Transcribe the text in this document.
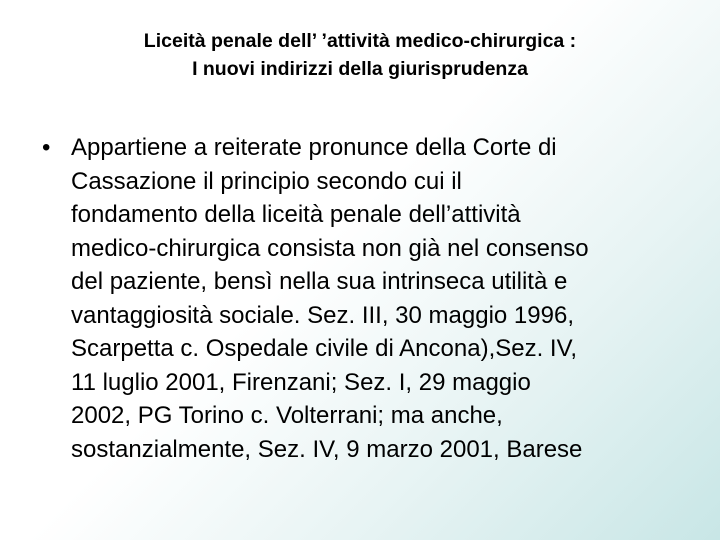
Liceità penale dell’ ’attività medico-chirurgica :
I nuovi indirizzi della giurisprudenza
• Appartiene a reiterate pronunce della Corte di
Cassazione il principio secondo cui il
fondamento della liceità penale dell’attività
medico-chirurgica consista non già nel consenso
del paziente, bensì nella sua intrinseca utilità e
vantaggiosità sociale. Sez. III, 30 maggio 1996,
Scarpetta c. Ospedale civile di Ancona),Sez. IV,
11 luglio 2001, Firenzani; Sez. I, 29 maggio
2002, PG Torino c. Volterrani; ma anche,
sostanzialmente, Sez. IV, 9 marzo 2001, Barese
